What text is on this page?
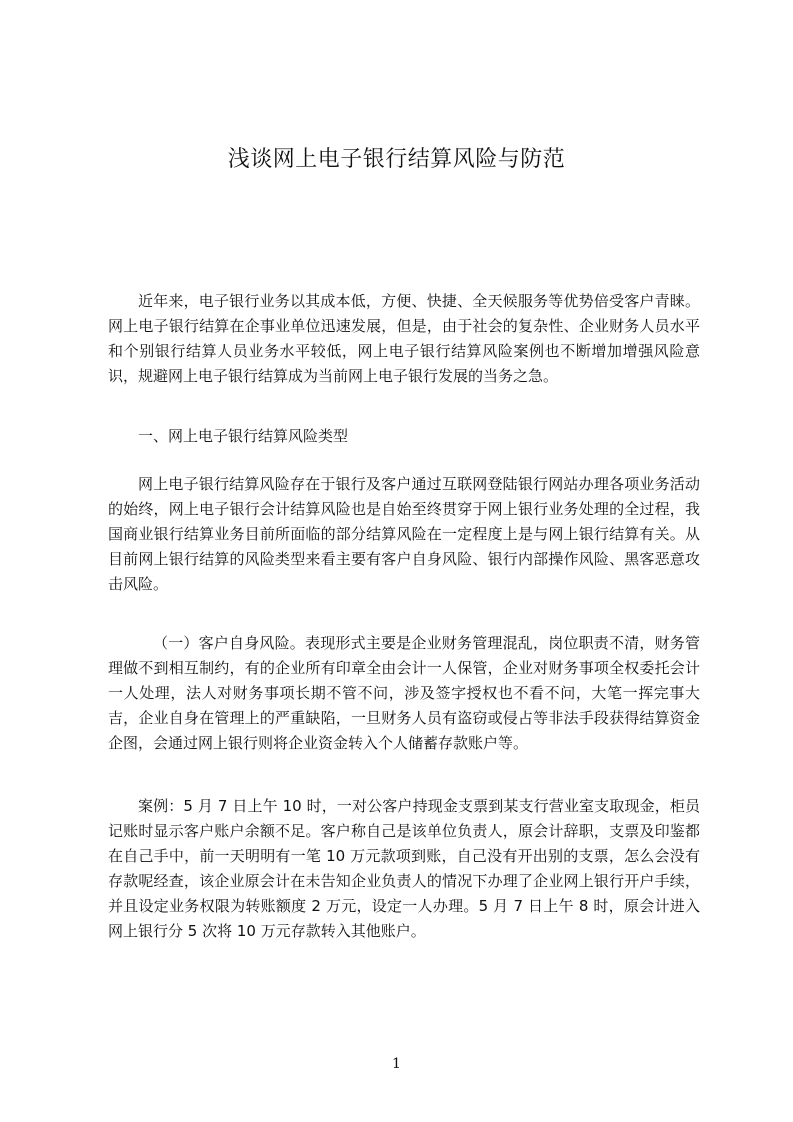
浅谈网上电子银行结算风险与防范

近年来，电子银行业务以其成本低，方便、快捷、全天候服务等优势倍受客户青睐。网上电子银行结算在企事业单位迅速发展，但是，由于社会的复杂性、企业财务人员水平和个别银行结算人员业务水平较低，网上电子银行结算风险案例也不断增加增强风险意识，规避网上电子银行结算成为当前网上电子银行发展的当务之急。

一、网上电子银行结算风险类型

网上电子银行结算风险存在于银行及客户通过互联网登陆银行网站办理各项业务活动的始终，网上电子银行会计结算风险也是自始至终贯穿于网上银行业务处理的全过程，我国商业银行结算业务目前所面临的部分结算风险在一定程度上是与网上银行结算有关。从目前网上银行结算的风险类型来看主要有客户自身风险、银行内部操作风险、黑客恶意攻击风险。

（一）客户自身风险。表现形式主要是企业财务管理混乱，岗位职责不清，财务管理做不到相互制约，有的企业所有印章全由会计一人保管，企业对财务事项全权委托会计一人处理，法人对财务事项长期不管不问，涉及签字授权也不看不问，大笔一挥完事大吉，企业自身在管理上的严重缺陷，一旦财务人员有盗窃或侵占等非法手段获得结算资金企图，会通过网上银行则将企业资金转入个人储蓄存款账户等。

案例：5 月 7 日上午 10 时，一对公客户持现金支票到某支行营业室支取现金，柜员记账时显示客户账户余额不足。客户称自己是该单位负责人，原会计辞职，支票及印鉴都在自己手中，前一天明明有一笔 10 万元款项到账，自己没有开出别的支票，怎么会没有存款呢经查，该企业原会计在未告知企业负责人的情况下办理了企业网上银行开户手续，并且设定业务权限为转账额度 2 万元，设定一人办理。5 月 7 日上午 8 时，原会计进入网上银行分 5 次将 10 万元存款转入其他账户。

1
